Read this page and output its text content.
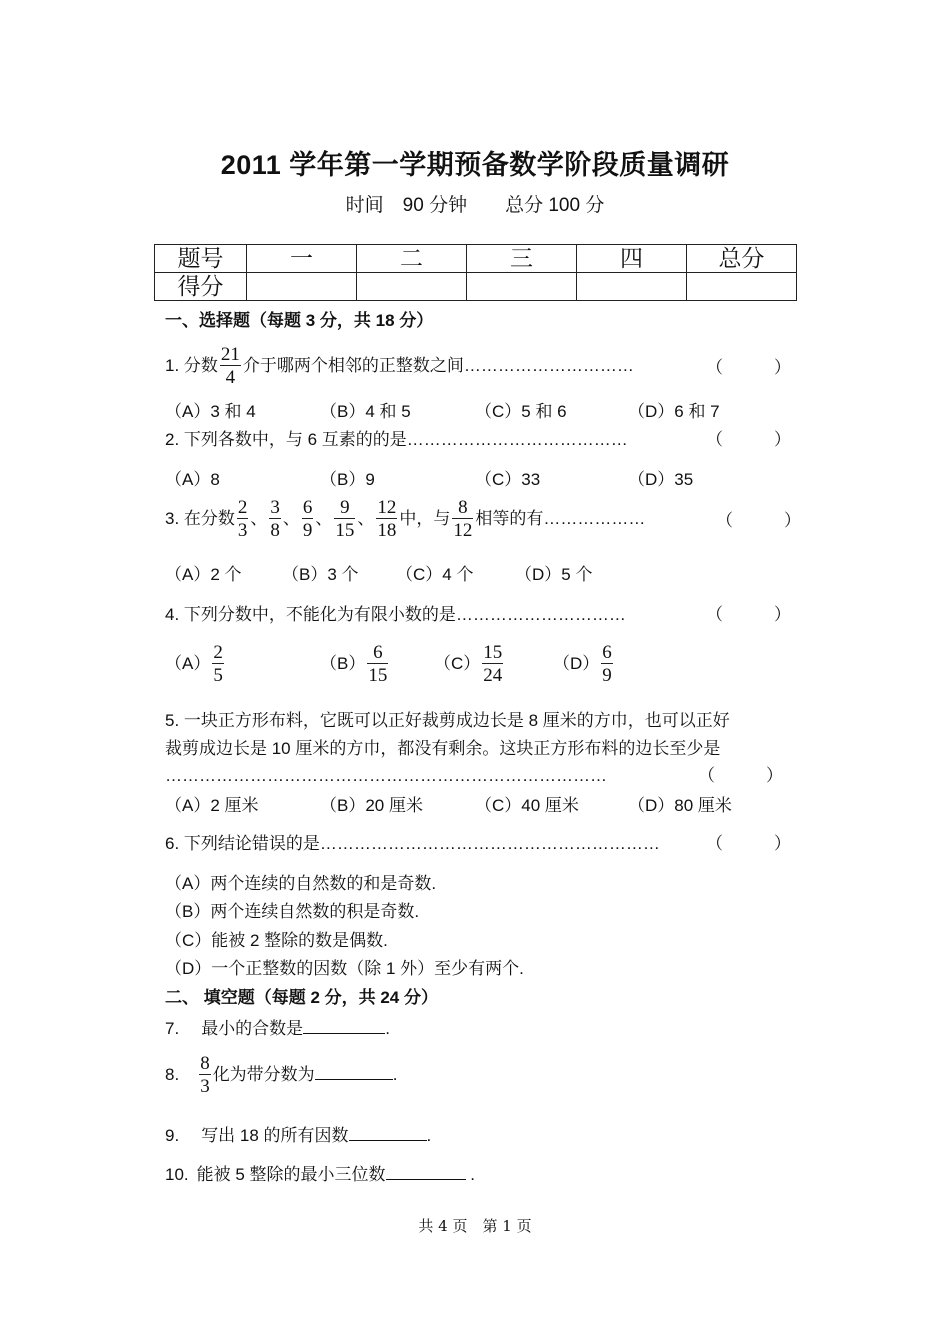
2011 学年第一学期预备数学阶段质量调研
时间　90 分钟　　总分 100 分
题号	一	二	三	四	总分
得分					
一、选择题（每题 3 分，共 18 分）
1. 分数 $\frac{21}{4}$ 介于哪两个相邻的正整数之间…………………………	（　　　）
（A）3 和 4	（B）4 和 5	（C）5 和 6	（D）6 和 7
2. 下列各数中，与 6 互素的的是…………………………………	（　　　）
（A）8	（B）9	（C）33	（D）35
3. 在分数 $\frac{2}{3}$ 、 $\frac{3}{8}$ 、 $\frac{6}{9}$ 、 $\frac{9}{15}$ 、 $\frac{12}{18}$ 中，与 $\frac{8}{12}$ 相等的有………………	（　　　）
（A）2 个 （B）3 个 （C）4 个 （D）5 个
4. 下列分数中，不能化为有限小数的是…………………………	（　　　）
$(A) \frac{2}{5}$	$(B) \frac{6}{15}$	$(C) \frac{15}{24}$	$(D) \frac{6}{9}$
5. 一块正方形布料，它既可以正好裁剪成边长是 8 厘米的方巾，也可以正好
裁剪成边长是 10 厘米的方巾，都没有剩余。这块正方形布料的边长至少是
……………………………………………………………………	（　　　）
（A）2 厘米	（B）20 厘米	（C）40 厘米	（D）80 厘米
6. 下列结论错误的是……………………………………………………	（　　　）
（A）两个连续的自然数的和是奇数.
（B）两个连续自然数的积是奇数.
（C）能被 2 整除的数是偶数.
（D）一个正整数的因数（除 1 外）至少有两个.
二、 填空题（每题 2 分，共 24 分）
7. 最小的合数是	.
8. $\frac{8}{3}$ 化为带分数为	.
9. 写出 18 的所有因数	.
10. 能被 5 整除的最小三位数	.
共 4 页　第 1 页
